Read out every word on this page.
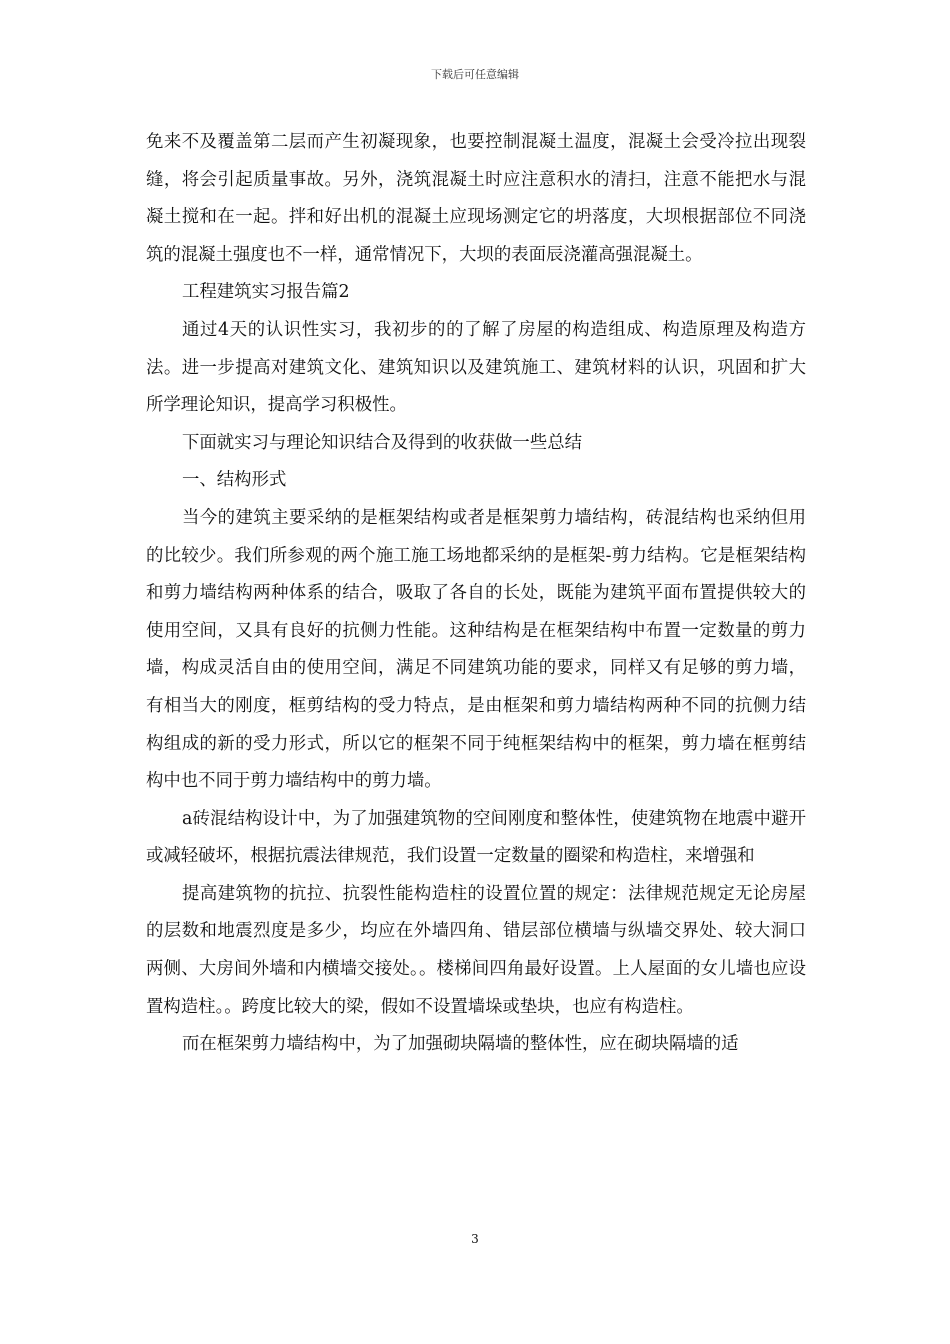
下载后可任意编辑

免来不及覆盖第二层而产生初凝现象，也要控制混凝土温度，混凝土会受冷拉出现裂缝，将会引起质量事故。另外，浇筑混凝土时应注意积水的清扫，注意不能把水与混凝土搅和在一起。拌和好出机的混凝土应现场测定它的坍落度，大坝根据部位不同浇筑的混凝土强度也不一样，通常情况下，大坝的表面辰浇灌高强混凝土。

工程建筑实习报告篇2

通过4天的认识性实习，我初步的的了解了房屋的构造组成、构造原理及构造方法。进一步提高对建筑文化、建筑知识以及建筑施工、建筑材料的认识，巩固和扩大所学理论知识，提高学习积极性。

下面就实习与理论知识结合及得到的收获做一些总结

一、结构形式

当今的建筑主要采纳的是框架结构或者是框架剪力墙结构，砖混结构也采纳但用的比较少。我们所参观的两个施工施工场地都采纳的是框架-剪力结构。它是框架结构和剪力墙结构两种体系的结合，吸取了各自的长处，既能为建筑平面布置提供较大的使用空间，又具有良好的抗侧力性能。这种结构是在框架结构中布置一定数量的剪力墙，构成灵活自由的使用空间，满足不同建筑功能的要求，同样又有足够的剪力墙，有相当大的刚度，框剪结构的受力特点，是由框架和剪力墙结构两种不同的抗侧力结构组成的新的受力形式，所以它的框架不同于纯框架结构中的框架，剪力墙在框剪结构中也不同于剪力墙结构中的剪力墙。

a砖混结构设计中，为了加强建筑物的空间刚度和整体性，使建筑物在地震中避开或减轻破坏，根据抗震法律规范，我们设置一定数量的圈梁和构造柱，来增强和

提高建筑物的抗拉、抗裂性能构造柱的设置位置的规定：法律规范规定无论房屋的层数和地震烈度是多少，均应在外墙四角、错层部位横墙与纵墙交界处、较大洞口两侧、大房间外墙和内横墙交接处。。楼梯间四角最好设置。上人屋面的女儿墙也应设置构造柱。。跨度比较大的梁，假如不设置墙垛或垫块，也应有构造柱。

而在框架剪力墙结构中，为了加强砌块隔墙的整体性，应在砌块隔墙的适

3
